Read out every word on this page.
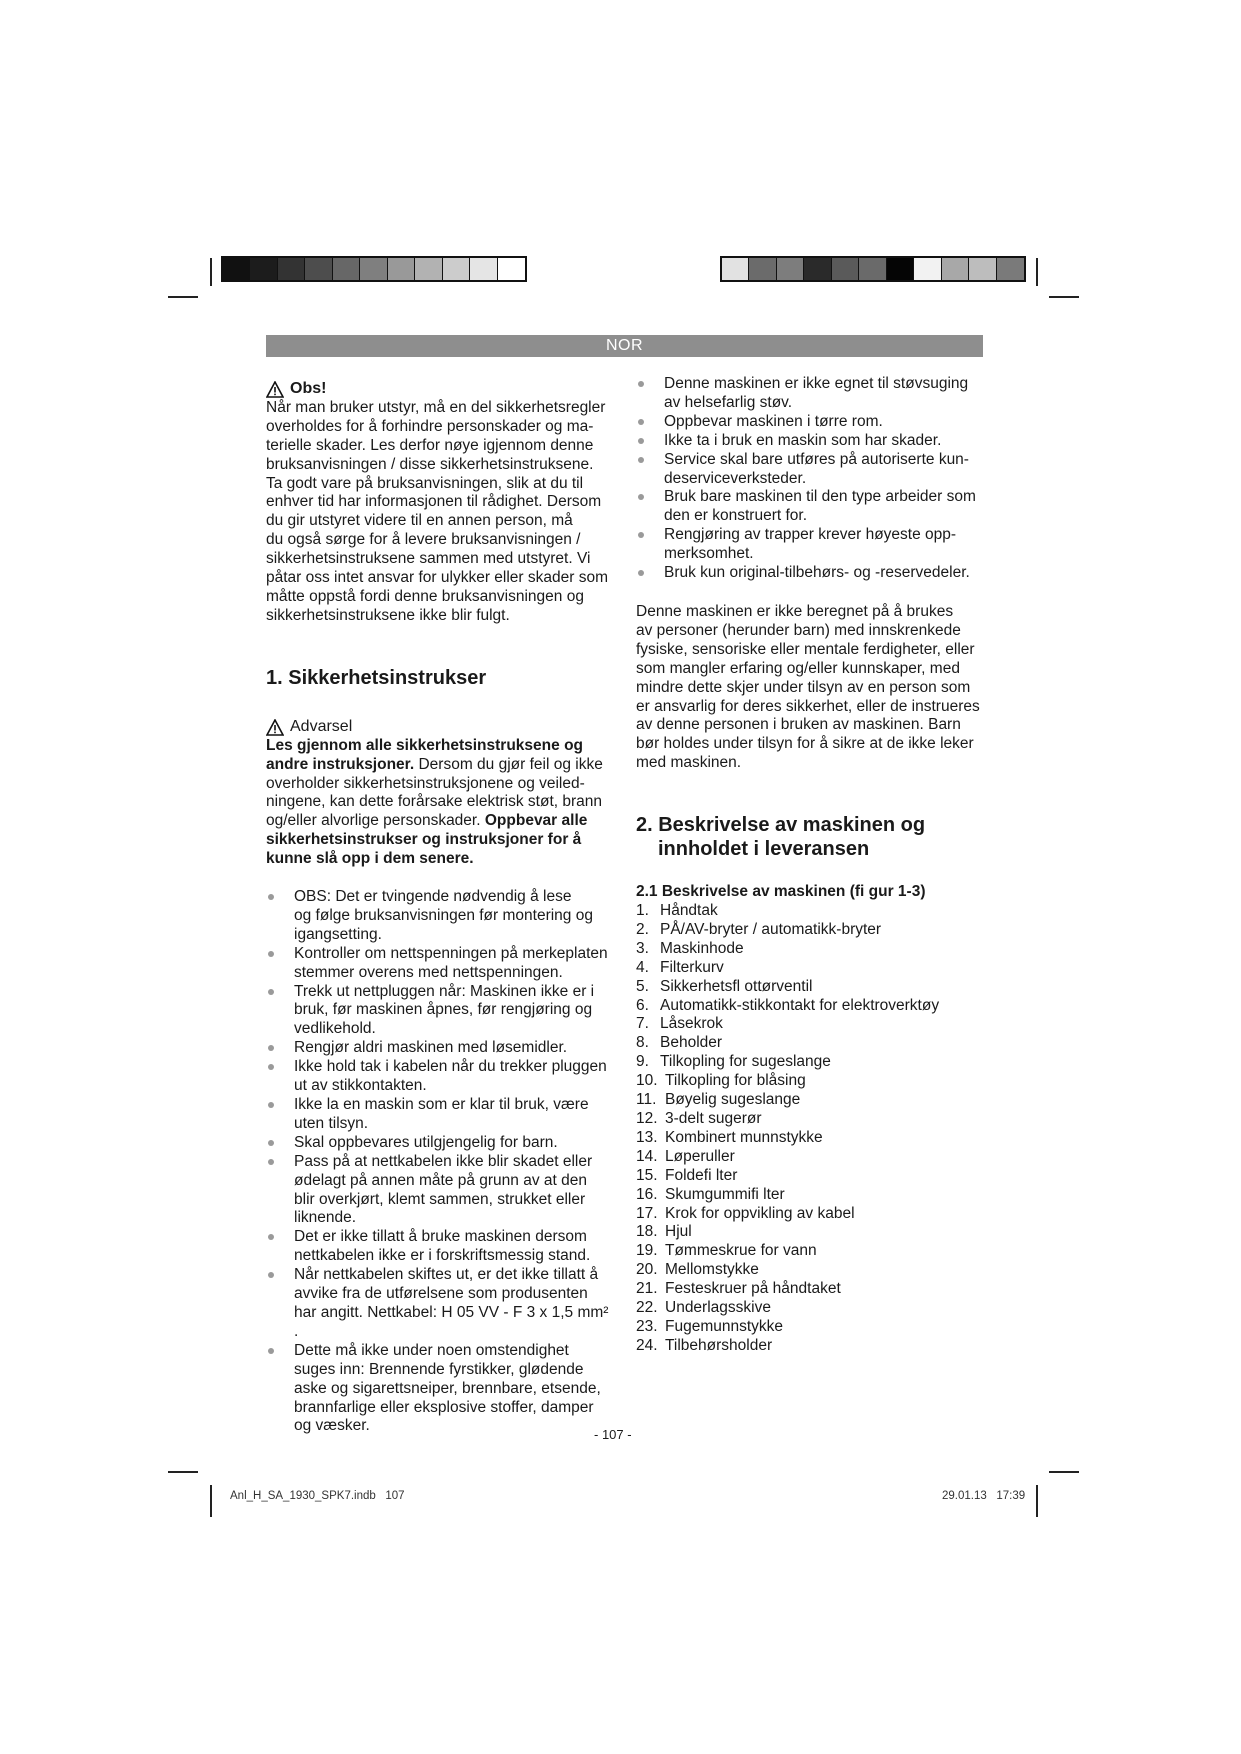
NOR
Obs!

Når man bruker utstyr, må en del sikkerhetsregler

overholdes for å forhindre personskader og ma-

terielle skader. Les derfor nøye igjennom denne

bruksanvisningen / disse sikkerhetsinstruksene.

Ta godt vare på bruksanvisningen, slik at du til

enhver tid har informasjonen til rådighet. Dersom

du gir utstyret videre til en annen person, må

du også sørge for å levere bruksanvisningen /

sikkerhetsinstruksene sammen med utstyret. Vi

påtar oss intet ansvar for ulykker eller skader som

måtte oppstå fordi denne bruksanvisningen og

sikkerhetsinstruksene ikke blir fulgt.

1. Sikkerhetsinstrukser
Advarsel

Les gjennom alle sikkerhetsinstruksene og

andre instruksjoner. Dersom du gjør feil og ikke

overholder sikkerhetsinstruksjonene og veiled-

ningene, kan dette forårsake elektrisk støt, brann

og/eller alvorlige personskader. Oppbevar alle

sikkerhetsinstrukser og instruksjoner for å

kunne slå opp i dem senere.

OBS: Det er tvingende nødvendig å lese

og følge bruksanvisningen før montering og

igangsetting.

Kontroller om nettspenningen på merkeplaten

stemmer overens med nettspenningen.

Trekk ut nettpluggen når: Maskinen ikke er i

bruk, før maskinen åpnes, før rengjøring og

vedlikehold.

Rengjør aldri maskinen med løsemidler.

Ikke hold tak i kabelen når du trekker pluggen

ut av stikkontakten.

Ikke la en maskin som er klar til bruk, være

uten tilsyn.

Skal oppbevares utilgjengelig for barn.

Pass på at nettkabelen ikke blir skadet eller

ødelagt på annen måte på grunn av at den

blir overkjørt, klemt sammen, strukket eller

liknende.

Det er ikke tillatt å bruke maskinen dersom

nettkabelen ikke er i forskriftsmessig stand.

Når nettkabelen skiftes ut, er det ikke tillatt å

avvike fra de utførelsene som produsenten

har angitt. Nettkabel: H 05 VV - F 3 x 1,5 mm² .

Dette må ikke under noen omstendighet

suges inn: Brennende fyrstikker, glødende

aske og sigarettsneiper, brennbare, etsende,

brannfarlige eller eksplosive stoffer, damper

og væsker.

Denne maskinen er ikke egnet til støvsuging

av helsefarlig støv.

Oppbevar maskinen i tørre rom.

Ikke ta i bruk en maskin som har skader.

Service skal bare utføres på autoriserte kun-

deserviceverksteder.

Bruk bare maskinen til den type arbeider som

den er konstruert for.

Rengjøring av trapper krever høyeste opp-

merksomhet.

Bruk kun original-tilbehørs- og -reservedeler.

Denne maskinen er ikke beregnet på å brukes

av personer (herunder barn) med innskrenkede

fysiske, sensoriske eller mentale ferdigheter, eller

som mangler erfaring og/eller kunnskaper, med

mindre dette skjer under tilsyn av en person som

er ansvarlig for deres sikkerhet, eller de instrueres

av denne personen i bruken av maskinen. Barn

bør holdes under tilsyn for å sikre at de ikke leker

med maskinen.

2. Beskrivelse av maskinen og
innholdet i leveransen

2.1 Beskrivelse av maskinen (fi gur 1-3)

1. Håndtak
2. PÅ/AV-bryter / automatikk-bryter
3. Maskinhode
4. Filterkurv
5. Sikkerhetsfl ottørventil
6. Automatikk-stikkontakt for elektroverktøy
7. Låsekrok
8. Beholder
9. Tilkopling for sugeslange
10. Tilkopling for blåsing
11. Bøyelig sugeslange
12. 3-delt sugerør
13. Kombinert munnstykke
14. Løperuller
15. Foldefi lter
16. Skumgummifi lter
17. Krok for oppvikling av kabel
18. Hjul
19. Tømmeskrue for vann
20. Mellomstykke
21. Festeskruer på håndtaket
22. Underlagsskive
23. Fugemunnstykke
24. Tilbehørsholder
- 107 -
Anl_H_SA_1930_SPK7.indb   107	29.01.13   17:39
